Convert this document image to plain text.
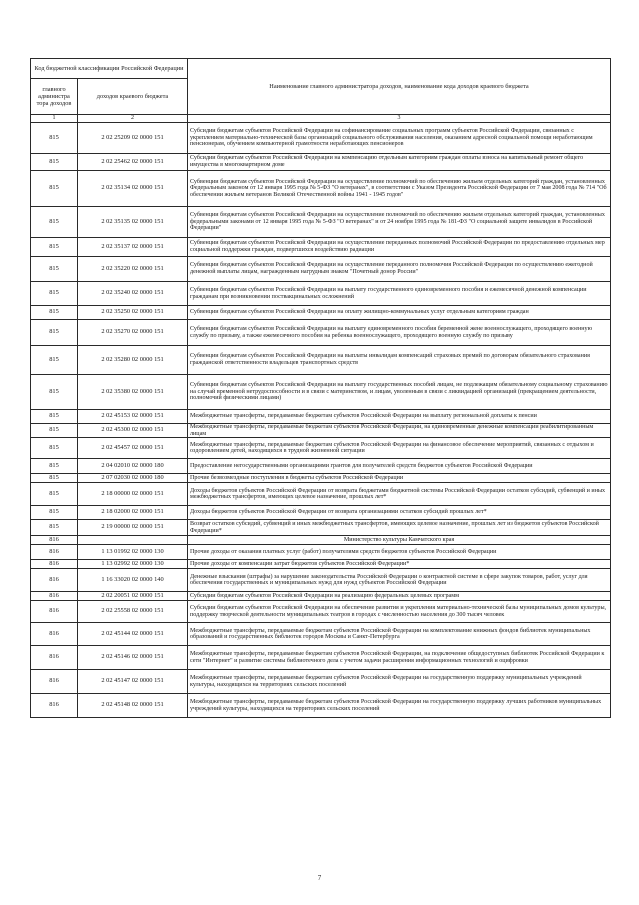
Код бюджетной классификации Российской Федерации		Наименование главного администратора доходов, наименование кода доходов краевого бюджета
главного администра тора доходов	доходов краевого бюджета	
1	2	3
815	2 02 25209 02 0000 151	Субсидии бюджетам субъектов Российской Федерации на софинансирование социальных программ субъектов Российской Федерации, связанных с укреплением материально-технической базы организаций социального обслуживания населения, оказанием адресной социальной помощи неработающим пенсионерам, обучением компьютерной грамотности неработающих пенсионеров
815	2 02 25462 02 0000 151	Субсидии бюджетам субъектов Российской Федерации на компенсацию отдельным категориям граждан оплаты взноса на капитальный ремонт общего имущества в многоквартирном доме
815	2 02 35134 02 0000 151	Субвенции бюджетам субъектов Российской Федерации на осуществление полномочий по обеспечению жильем отдельных категорий граждан, установленных Федеральным законом от 12 января 1995 года № 5-ФЗ "О ветеранах", в соответствии с Указом Президента Российской Федерации от 7 мая 2008 года № 714 "Об обеспечении жильем ветеранов Великой Отечественной войны 1941 - 1945 годов"
815	2 02 35135 02 0000 151	Субвенции бюджетам субъектов Российской Федерации на осуществление полномочий по обеспечению жильем отдельных категорий граждан, установленных федеральными законами от 12 января 1995 года № 5-ФЗ "О ветеранах" и от 24 ноября 1995 года № 181-ФЗ "О социальной защите инвалидов в Российской Федерации"
815	2 02 35137 02 0000 151	Субвенции бюджетам субъектов Российской Федерации на осуществление переданных полномочий Российской Федерации по предоставлению отдельных мер социальной поддержки граждан, подвергшихся воздействию радиации
815	2 02 35220 02 0000 151	Субвенции бюджетам субъектов Российской Федерации на осуществление переданного полномочия Российской Федерации по осуществлению ежегодной денежной выплаты лицам, награжденным нагрудным знаком "Почетный донор России"
815	2 02 35240 02 0000 151	Субвенции бюджетам субъектов Российской Федерации на выплату государственного единовременного пособия и ежемесячной денежной компенсации гражданам при возникновении поствакцинальных осложнений
815	2 02 35250 02 0000 151	Субвенции бюджетам субъектов Российской Федерации на оплату жилищно-коммунальных услуг отдельным категориям граждан
815	2 02 35270 02 0000 151	Субвенции бюджетам субъектов Российской Федерации на выплату единовременного пособия беременной жене военнослужащего, проходящего военную службу по призыву, а также ежемесячного пособия на ребенка военнослужащего, проходящего военную службу по призыву
815	2 02 35280 02 0000 151	Субвенции бюджетам субъектов Российской Федерации на выплаты инвалидам компенсаций страховых премий по договорам обязательного страхования гражданской ответственности владельцев транспортных средств
815	2 02 35380 02 0000 151	Субвенции бюджетам субъектов Российской Федерации на выплату государственных пособий лицам, не подлежащим обязательному социальному страхованию на случай временной нетрудоспособности и в связи с материнством, и лицам, уволенным в связи с ликвидацией организаций (прекращением деятельности, полномочий физическими лицами)
815	2 02 45153 02 0000 151	Межбюджетные трансферты, передаваемые бюджетам субъектов Российской Федерации на выплату региональной доплаты к пенсии
815	2 02 45300 02 0000 151	Межбюджетные трансферты, передаваемые бюджетам субъектов Российской Федерации, на единовременные денежные компенсации реабилитированным лицам
815	2 02 45457 02 0000 151	Межбюджетные трансферты, передаваемые бюджетам субъектов Российской Федерации на финансовое обеспечение мероприятий, связанных с отдыхом и оздоровлением детей, находящихся в трудной жизненной ситуации
815	2 04 02010 02 0000 180	Предоставление негосударственными организациями грантов для получателей средств бюджетов субъектов Российской Федерации
815	2 07 02030 02 0000 180	Прочие безвозмездные поступления в бюджеты субъектов Российской Федерации
815	2 18 00000 02 0000 151	Доходы бюджетов субъектов Российской Федерации от возврата бюджетами бюджетной системы Российской Федерации остатков субсидий, субвенций и иных межбюджетных трансфертов, имеющих целевое назначение, прошлых лет*
815	2 18 02000 02 0000 151	Доходы бюджетов субъектов Российской Федерации от возврата организациями остатков субсидий прошлых лет*
815	2 19 00000 02 0000 151	Возврат остатков субсидий, субвенций и иных межбюджетных трансфертов, имеющих целевое назначение, прошлых лет из бюджетов субъектов Российской Федерации*
816		Министерство культуры Камчатского края
816	1 13 01992 02 0000 130	Прочие доходы от оказания платных услуг (работ) получателями средств бюджетов субъектов Российской Федерации
816	1 13 02992 02 0000 130	Прочие доходы от компенсации затрат бюджетов субъектов Российской Федерации*
816	1 16 33020 02 0000 140	Денежные взыскания (штрафы) за нарушение законодательства Российской Федерации о контрактной системе в сфере закупок товаров, работ, услуг для обеспечения государственных и муниципальных нужд для нужд субъектов Российской Федерации
816	2 02 20051 02 0000 151	Субсидии бюджетам субъектов Российской Федерации на реализацию федеральных целевых программ
816	2 02 25558 02 0000 151	Субсидии бюджетам субъектов Российской Федерации на обеспечение развития и укрепления материально-технической базы муниципальных домов культуры, поддержку творческой деятельности муниципальных театров в городах с численностью населения до 300 тысяч человек
816	2 02 45144 02 0000 151	Межбюджетные трансферты, передаваемые бюджетам субъектов Российской Федерации на комплектование книжных фондов библиотек муниципальных образований и государственных библиотек городов Москвы и Санкт-Петербурга
816	2 02 45146 02 0000 151	Межбюджетные трансферты, передаваемые бюджетам субъектов Российской Федерации, на подключение общедоступных библиотек Российской Федерации к сети "Интернет" и развитие системы библиотечного дела с учетом задачи расширения информационных технологий и оцифровки
816	2 02 45147 02 0000 151	Межбюджетные трансферты, передаваемые бюджетам субъектов Российской Федерации на государственную поддержку муниципальных учреждений культуры, находящихся на территориях сельских поселений
816	2 02 45148 02 0000 151	Межбюджетные трансферты, передаваемые бюджетам субъектов Российской Федерации на государственную поддержку лучших работников муниципальных учреждений культуры, находящихся на территориях сельских поселений
7
